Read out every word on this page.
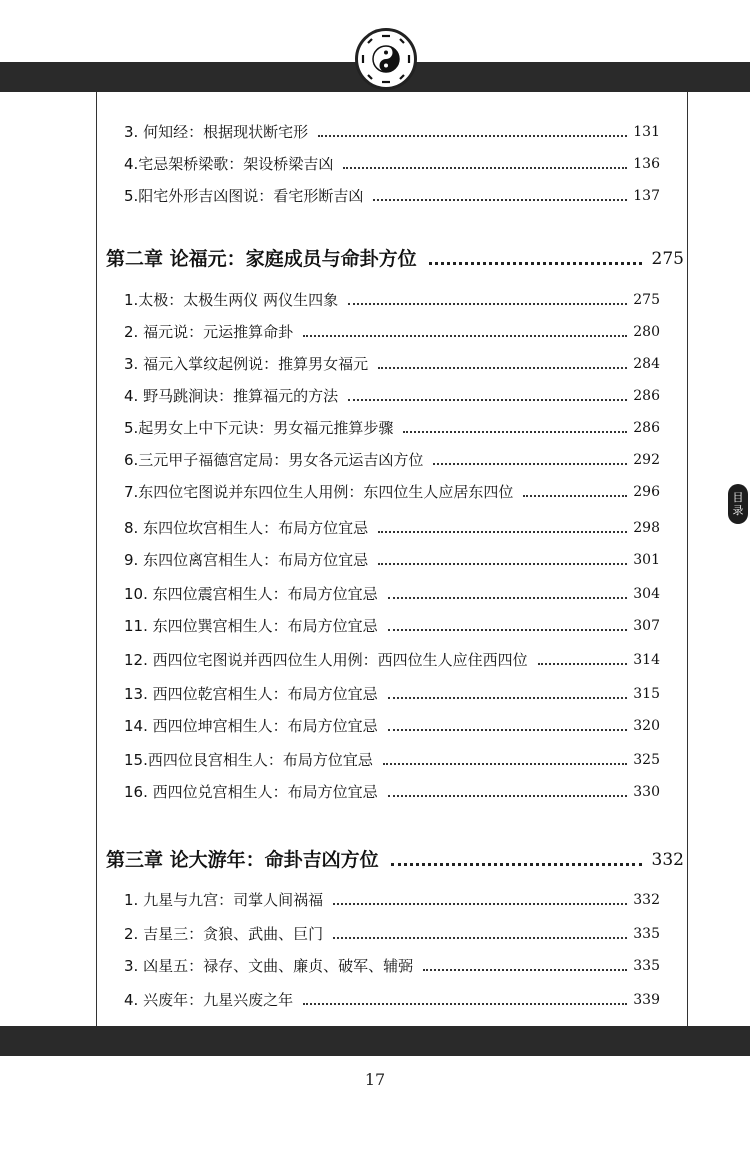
3. 何知经：根据现状断宅形	131
4.宅忌架桥梁歌：架设桥梁吉凶	136
5.阳宅外形吉凶图说：看宅形断吉凶	137
第二章 论福元：家庭成员与命卦方位	275
1.太极：太极生两仪 两仪生四象	275
2. 福元说：元运推算命卦	280
3. 福元入掌纹起例说：推算男女福元	284
4. 野马跳涧诀：推算福元的方法	286
5.起男女上中下元诀：男女福元推算步骤	286
6.三元甲子福德宫定局：男女各元运吉凶方位	292
7.东四位宅图说并东四位生人用例：东四位生人应居东四位	296
8. 东四位坎宫相生人：布局方位宜忌	298
9. 东四位离宫相生人：布局方位宜忌	301
10. 东四位震宫相生人：布局方位宜忌	304
11. 东四位巽宫相生人：布局方位宜忌	307
12. 西四位宅图说并西四位生人用例：西四位生人应住西四位	314
13. 西四位乾宫相生人：布局方位宜忌	315
14. 西四位坤宫相生人：布局方位宜忌	320
15.西四位艮宫相生人：布局方位宜忌	325
16. 西四位兑宫相生人：布局方位宜忌	330
第三章 论大游年：命卦吉凶方位	332
1. 九星与九宫：司掌人间祸福	332
2. 吉星三：贪狼、武曲、巨门	335
3. 凶星五：禄存、文曲、廉贞、破军、辅弼	335
4. 兴废年：九星兴废之年	339
目
录
17
